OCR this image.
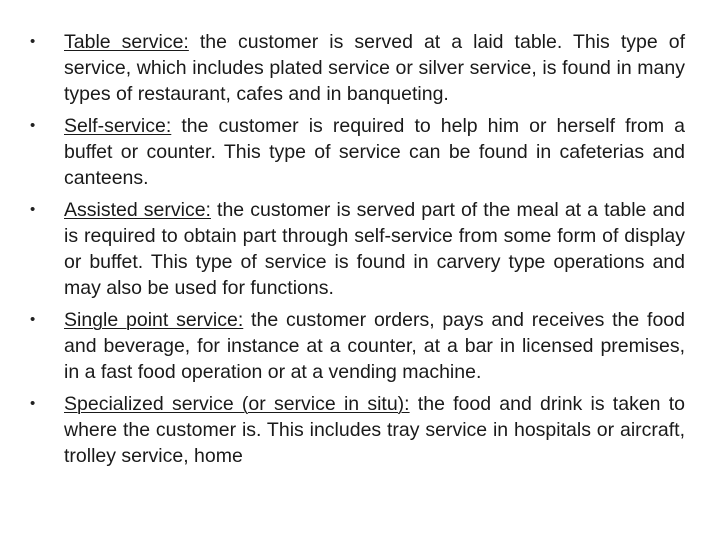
•	Table service: the customer is served at a laid table. This type of service, which includes plated service or silver service, is found in many types of restaurant, cafes and in banqueting.
•	Self-service: the customer is required to help him or herself from a buffet or counter. This type of service can be found in cafeterias and canteens.
•	Assisted service: the customer is served part of the meal at a table and is required to obtain part through self-service from some form of display or buffet. This type of service is found in carvery type operations and may also be used for functions.
•	Single point service: the customer orders, pays and receives the food and beverage, for instance at a counter, at a bar in licensed premises, in a fast food operation or at a vending machine.
•	Specialized service (or service in situ): the food and drink is taken to where the customer is. This includes tray service in hospitals or aircraft, trolley service, home
